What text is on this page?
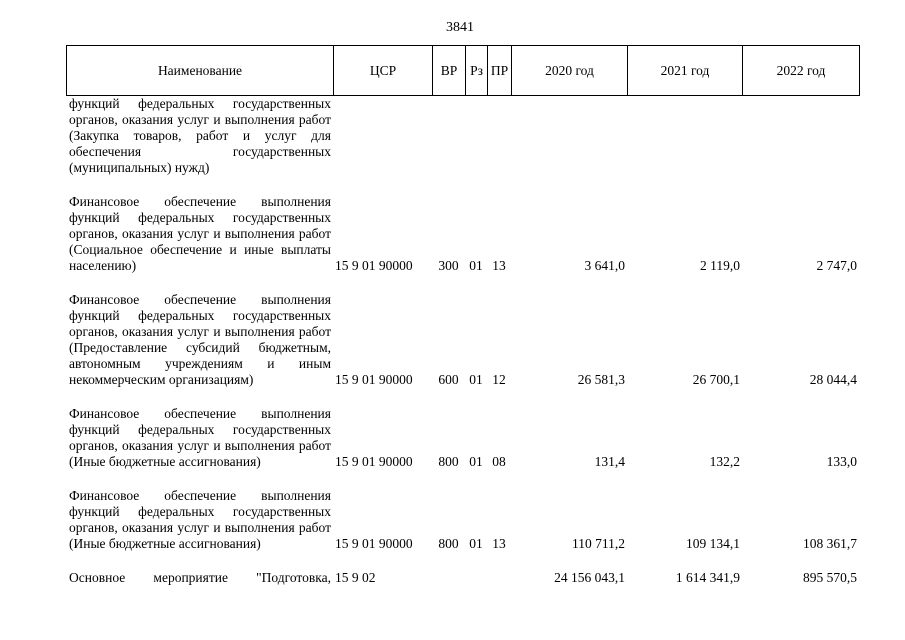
3841
Наименование	ЦСР	ВР	Рз	ПР	2020 год	2021 год	2022 год
функций федеральных государственных органов, оказания услуг и выполнения работ (Закупка товаров, работ и услуг для обеспечения государственных (муниципальных) нужд)							
Финансовое обеспечение выполнения функций федеральных государственных органов, оказания услуг и выполнения работ (Социальное обеспечение и иные выплаты населению)	15 9 01 90000	300	01	13	3 641,0	2 119,0	2 747,0
Финансовое обеспечение выполнения функций федеральных государственных органов, оказания услуг и выполнения работ (Предоставление субсидий бюджетным, автономным учреждениям и иным некоммерческим организациям)	15 9 01 90000	600	01	12	26 581,3	26 700,1	28 044,4
Финансовое обеспечение выполнения функций федеральных государственных органов, оказания услуг и выполнения работ (Иные бюджетные ассигнования)	15 9 01 90000	800	01	08	131,4	132,2	133,0
Финансовое обеспечение выполнения функций федеральных государственных органов, оказания услуг и выполнения работ (Иные бюджетные ассигнования)	15 9 01 90000	800	01	13	110 711,2	109 134,1	108 361,7
Основное мероприятие "Подготовка,	15 9 02				24 156 043,1	1 614 341,9	895 570,5
